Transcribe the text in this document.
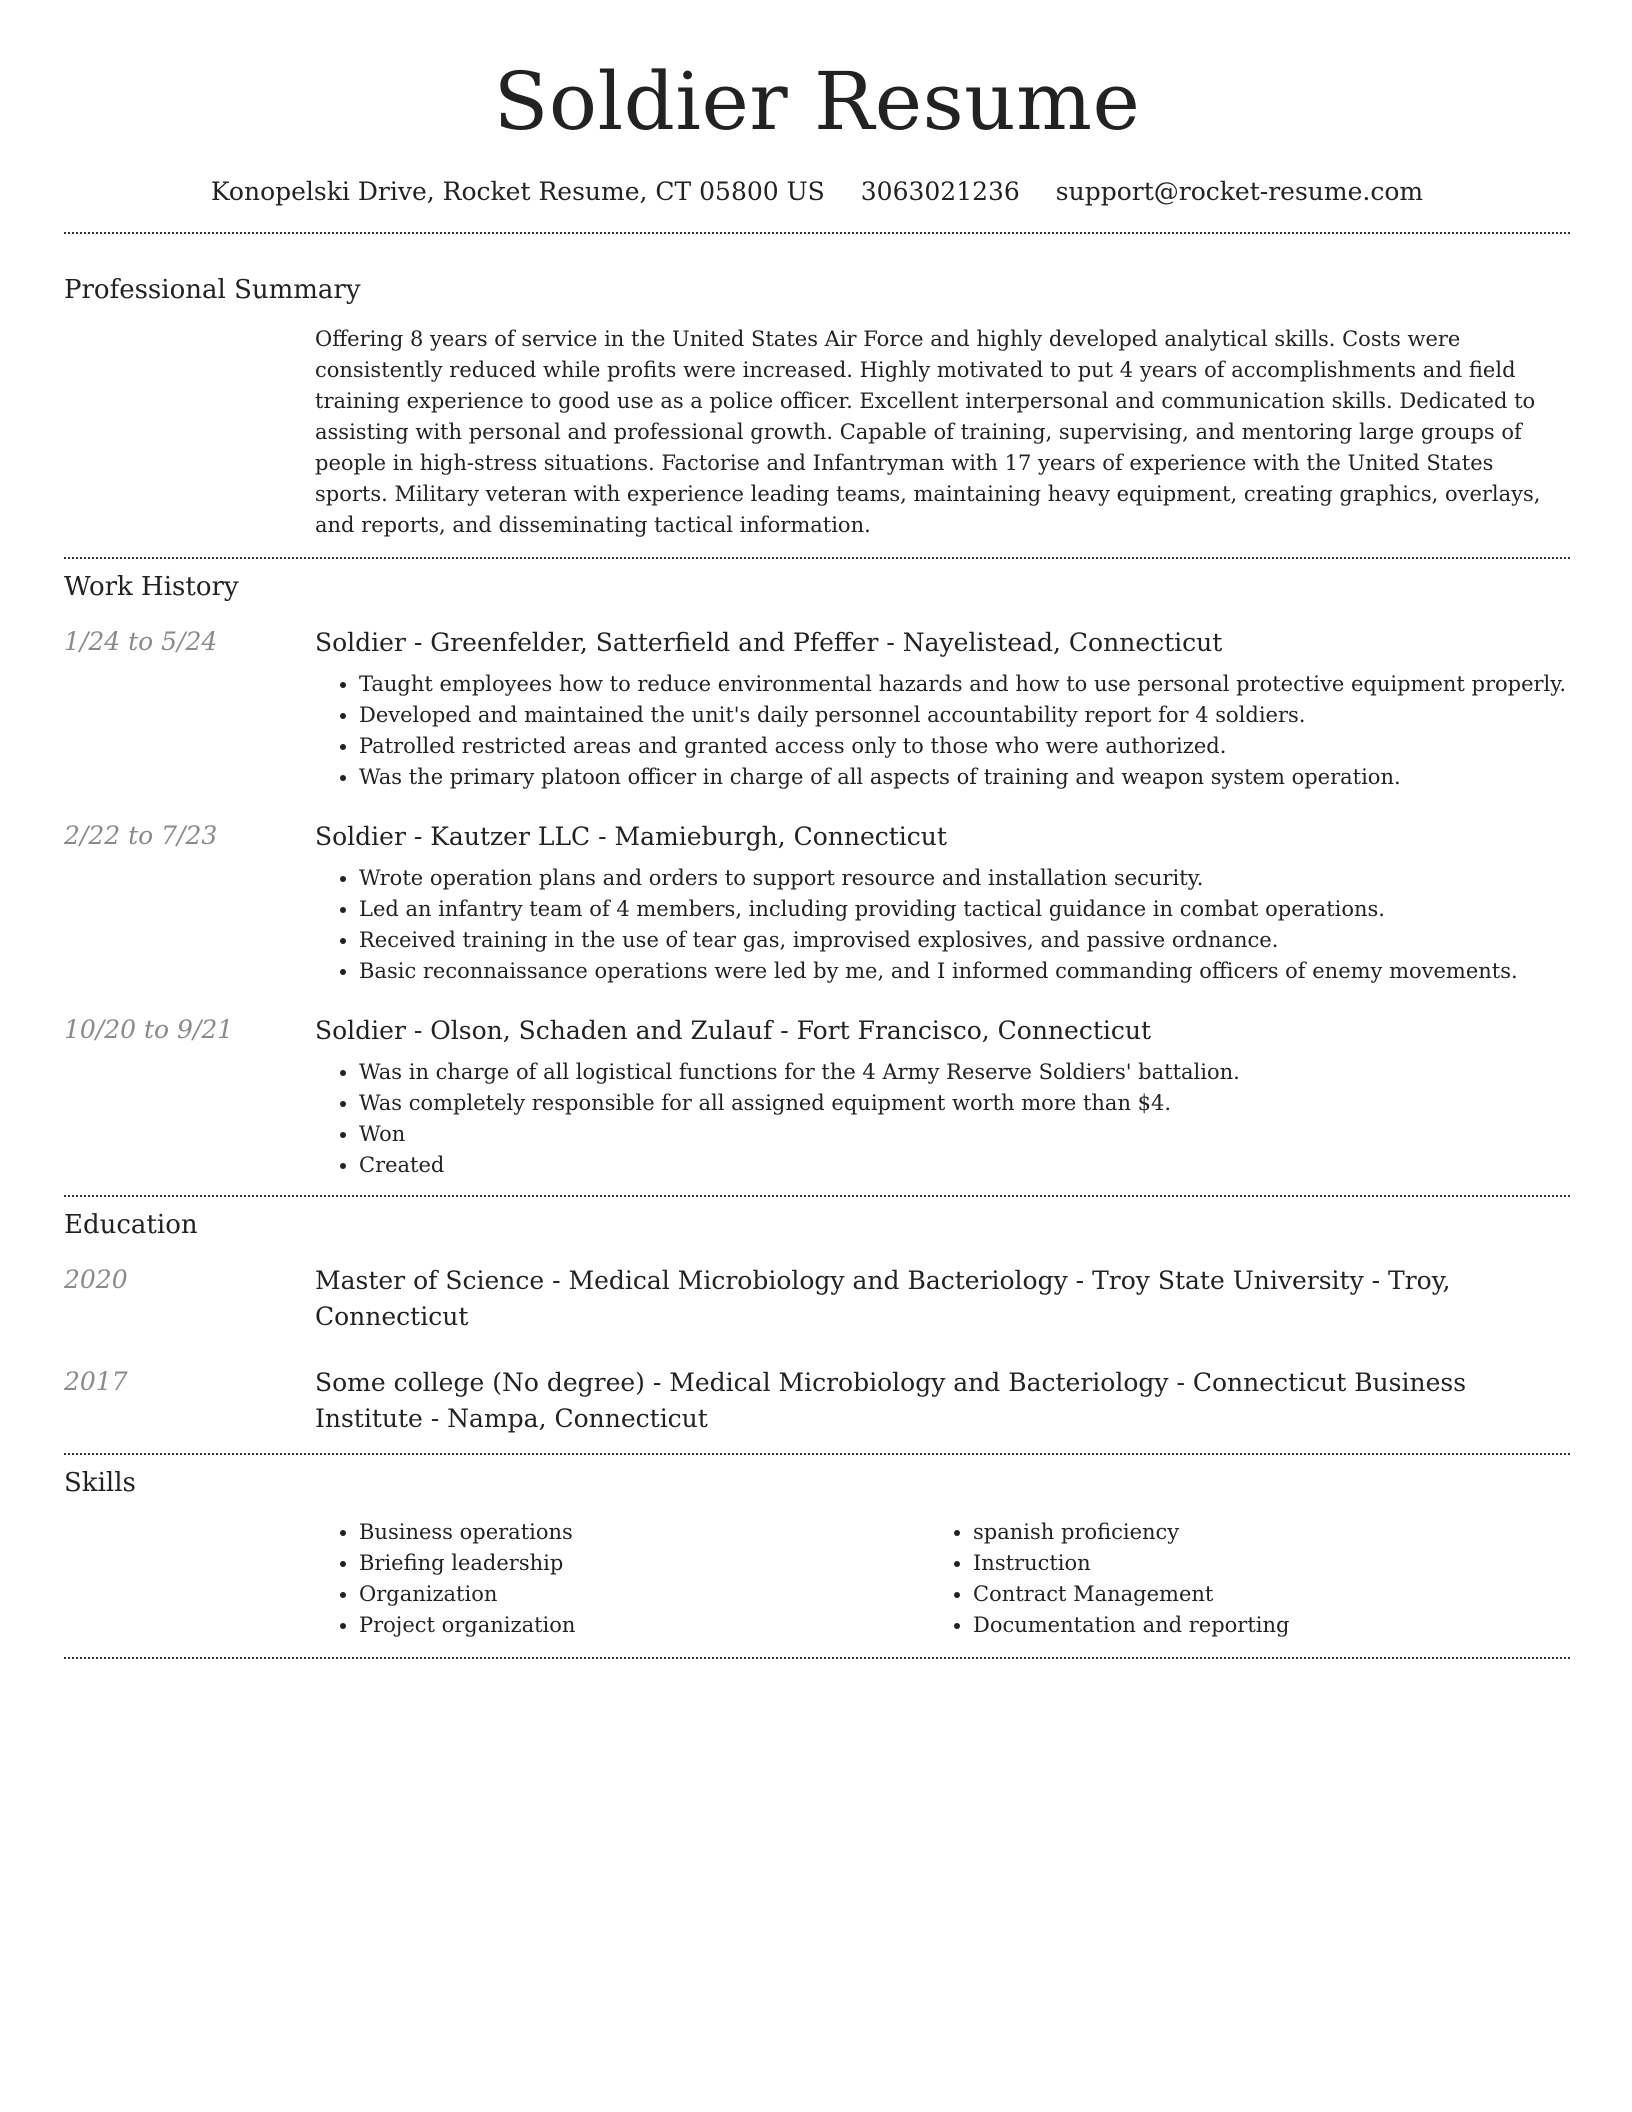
Soldier Resume
Konopelski Drive, Rocket Resume, CT 05800 US 3063021236 support@rocket-resume.com
Professional Summary
Offering 8 years of service in the United States Air Force and highly developed analytical skills. Costs were consistently reduced while profits were increased. Highly motivated to put 4 years of accomplishments and field training experience to good use as a police officer. Excellent interpersonal and communication skills. Dedicated to assisting with personal and professional growth. Capable of training, supervising, and mentoring large groups of people in high-stress situations. Factorise and Infantryman with 17 years of experience with the United States sports. Military veteran with experience leading teams, maintaining heavy equipment, creating graphics, overlays, and reports, and disseminating tactical information.
Work History
1/24 to 5/24	Soldier - Greenfelder, Satterfield and Pfeffer - Nayelistead, Connecticut
• Taught employees how to reduce environmental hazards and how to use personal protective equipment properly.
• Developed and maintained the unit's daily personnel accountability report for 4 soldiers.
• Patrolled restricted areas and granted access only to those who were authorized.
• Was the primary platoon officer in charge of all aspects of training and weapon system operation.
2/22 to 7/23	Soldier - Kautzer LLC - Mamieburgh, Connecticut
• Wrote operation plans and orders to support resource and installation security.
• Led an infantry team of 4 members, including providing tactical guidance in combat operations.
• Received training in the use of tear gas, improvised explosives, and passive ordnance.
• Basic reconnaissance operations were led by me, and I informed commanding officers of enemy movements.
10/20 to 9/21	Soldier - Olson, Schaden and Zulauf - Fort Francisco, Connecticut
• Was in charge of all logistical functions for the 4 Army Reserve Soldiers' battalion.
• Was completely responsible for all assigned equipment worth more than $4.
• Won
• Created
Education
2020	Master of Science - Medical Microbiology and Bacteriology - Troy State University - Troy, Connecticut
2017	Some college (No degree) - Medical Microbiology and Bacteriology - Connecticut Business Institute - Nampa, Connecticut
Skills
• Business operations
• Briefing leadership
• Organization
• Project organization
• spanish proficiency
• Instruction
• Contract Management
• Documentation and reporting
